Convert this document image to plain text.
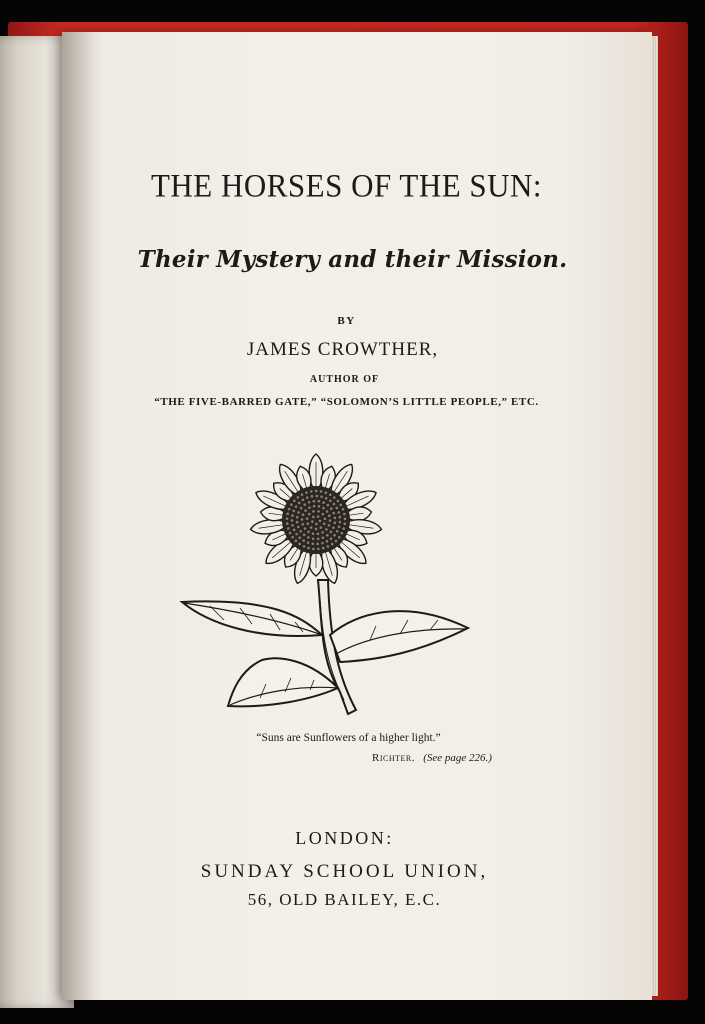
THE HORSES OF THE SUN:

Their Mystery and their Mission.

BY

JAMES CROWTHER,

AUTHOR OF

“THE FIVE-BARRED GATE,” “SOLOMON’S LITTLE PEOPLE,” ETC.

“Suns are Sunflowers of a higher light.”

Richter. (See page 226.)

LONDON:

SUNDAY SCHOOL UNION,

56, OLD BAILEY, E.C.
